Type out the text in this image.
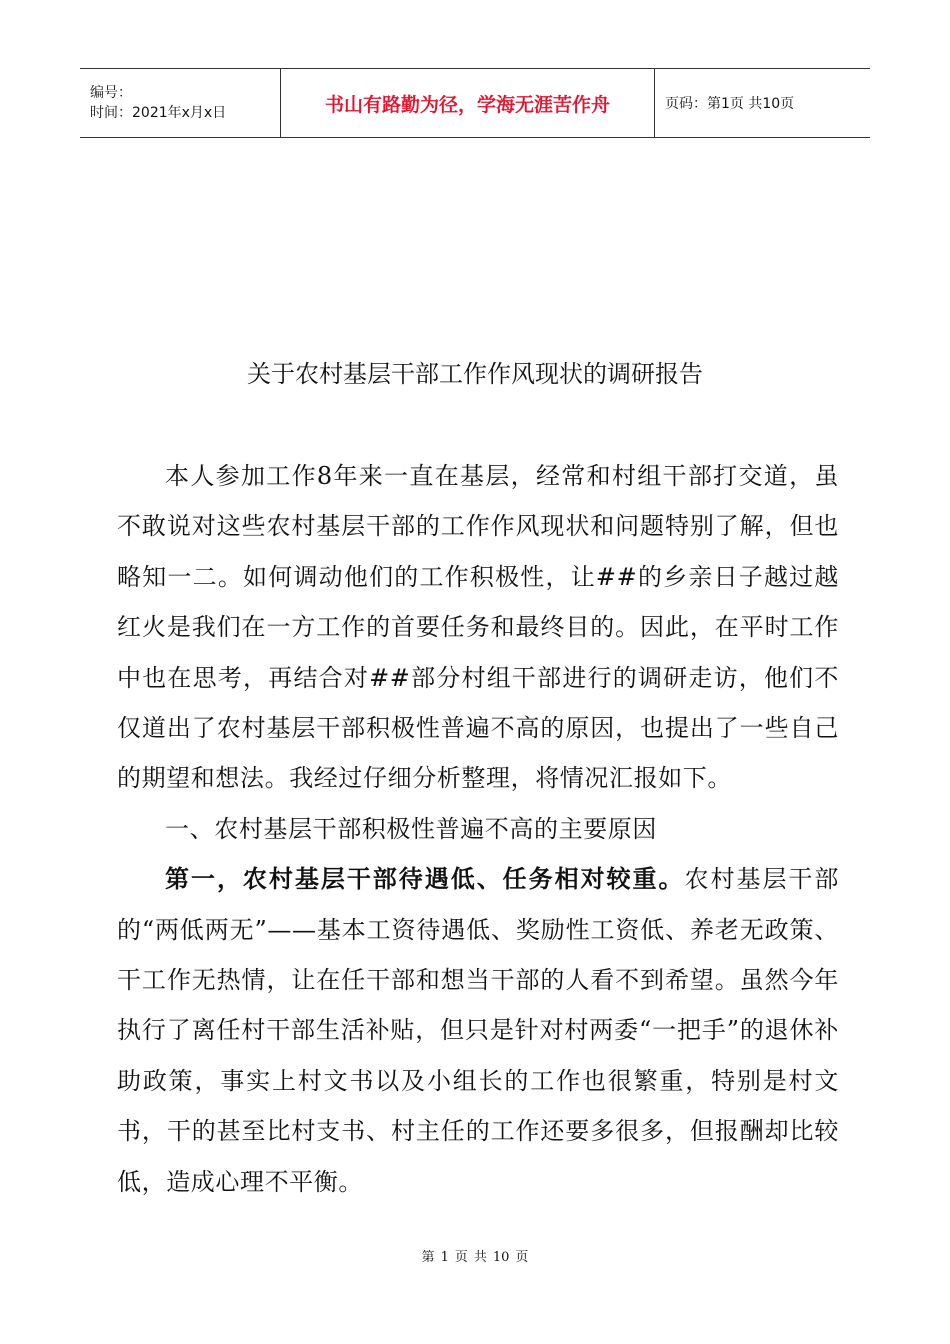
编号：
时间：2021年x月x日	书山有路勤为径，学海无涯苦作舟	页码：第1页 共10页
关于农村基层干部工作作风现状的调研报告

本人参加工作8年来一直在基层，经常和村组干部打交道，虽不敢说对这些农村基层干部的工作作风现状和问题特别了解，但也略知一二。如何调动他们的工作积极性，让##的乡亲日子越过越红火是我们在一方工作的首要任务和最终目的。因此，在平时工作中也在思考，再结合对##部分村组干部进行的调研走访，他们不仅道出了农村基层干部积极性普遍不高的原因，也提出了一些自己的期望和想法。我经过仔细分析整理，将情况汇报如下。

一、农村基层干部积极性普遍不高的主要原因

第一，农村基层干部待遇低、任务相对较重。农村基层干部的“两低两无”——基本工资待遇低、奖励性工资低、养老无政策、干工作无热情，让在任干部和想当干部的人看不到希望。虽然今年执行了离任村干部生活补贴，但只是针对村两委“一把手”的退休补助政策，事实上村文书以及小组长的工作也很繁重，特别是村文书，干的甚至比村支书、村主任的工作还要多很多，但报酬却比较低，造成心理不平衡。

第 1 页 共 10 页
